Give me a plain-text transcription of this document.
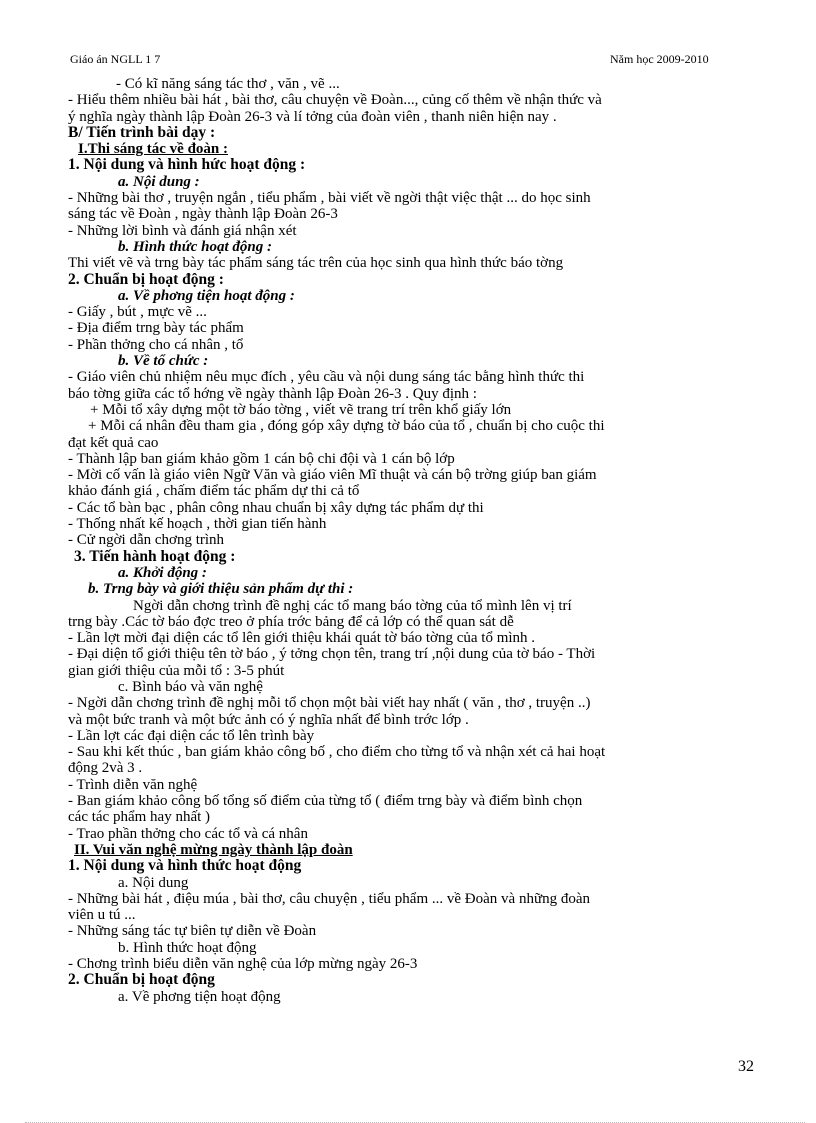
Giáo án NGLL 1 7	Năm học 2009-2010
- Có kĩ năng sáng tác thơ , văn , vẽ ...
- Hiểu thêm nhiều bài hát , bài thơ, câu chuyện về Đoàn..., củng cố thêm về nhận thức và
ý nghĩa ngày thành lập Đoàn 26-3 và lí tởng của đoàn viên , thanh niên hiện nay .
B/ Tiến trình bài dạy :
I.Thi sáng tác về đoàn :
1. Nội dung và hình hức hoạt động :
a. Nội dung :
- Những bài thơ , truyện ngắn , tiểu phẩm , bài viết về ngời thật việc thật ... do học sinh
sáng tác về Đoàn , ngày thành lập Đoàn 26-3
- Những lời bình và đánh giá nhận xét
b. Hình thức hoạt động :
Thi viết vẽ và trng bày tác phẩm sáng tác trên của học sinh qua hình thức báo tờng
2. Chuẩn bị hoạt động :
a. Về phơng tiện hoạt động :
- Giấy , bút , mực vẽ ...
- Địa điểm trng bày tác phẩm
- Phần thởng cho cá nhân , tổ
b. Về tổ chức :
- Giáo viên chủ nhiệm nêu mục đích , yêu cầu và nội dung sáng tác bằng hình thức thi
báo tờng giữa các tổ hớng về ngày thành lập Đoàn 26-3 . Quy định :
+ Mỗi tổ xây dựng một tờ báo tờng , viết vẽ trang trí trên khổ giấy lớn
+ Mỗi cá nhân đều tham gia , đóng góp xây dựng tờ báo của tổ , chuẩn bị cho cuộc thi
đạt kết quả cao
- Thành lập ban giám khảo gồm 1 cán bộ chi đội và 1 cán bộ lớp
- Mời cố vấn là giáo viên Ngữ Văn và giáo viên Mĩ thuật và cán bộ trờng giúp ban giám
khảo đánh giá , chấm điểm tác phẩm dự thi cả tổ
- Các tổ bàn bạc , phân công nhau chuẩn bị xây dựng tác phẩm dự thi
- Thống nhất kế hoạch , thời gian tiến hành
- Cử ngời dẫn chơng trình
3. Tiến hành hoạt động :
a. Khởi động :
b. Trng bày và giới thiệu sản phẩm dự thi :
Ngời dẫn chơng trình đề nghị các tổ mang báo tờng của tổ mình lên vị trí
trng bày .Các tờ báo đợc treo ở phía trớc bảng để cả lớp có thể quan sát dễ
- Lần lợt mời đại diện các tổ lên giới thiệu khái quát tờ báo tờng của tổ mình .
- Đại diện tổ giới thiệu tên tờ báo , ý tởng chọn tên, trang trí ,nội dung của tờ báo - Thời
gian giới thiệu của mỗi tổ : 3-5 phút
c. Bình báo và văn nghệ
- Ngời dẫn chơng trình đề nghị mỗi tổ chọn một bài viết hay nhất ( văn , thơ , truyện ..)
và một bức tranh và một bức ảnh có ý nghĩa nhất để bình trớc lớp .
- Lần lợt các đại diện các tổ lên trình bày
- Sau khi kết thúc , ban giám khảo công bố , cho điểm cho từng tổ và nhận xét cả hai hoạt
động 2và 3 .
- Trình diễn văn nghệ
- Ban giám khảo công bố tổng số điểm của từng tổ ( điểm trng bày và điểm bình chọn
các tác phẩm hay nhất )
- Trao phần thởng cho các tổ và cá nhân
II. Vui văn nghệ mừng ngày thành lập đoàn
1. Nội dung và hình thức hoạt động
a. Nội dung
- Những bài hát , điệu múa , bài thơ, câu chuyện , tiểu phẩm ... về Đoàn và những đoàn
viên u tú ...
- Những sáng tác tự biên tự diễn về Đoàn
b. Hình thức hoạt động
- Chơng trình biểu diễn văn nghệ của lớp mừng ngày 26-3
2. Chuẩn bị hoạt động
a. Về phơng tiện hoạt động
32
